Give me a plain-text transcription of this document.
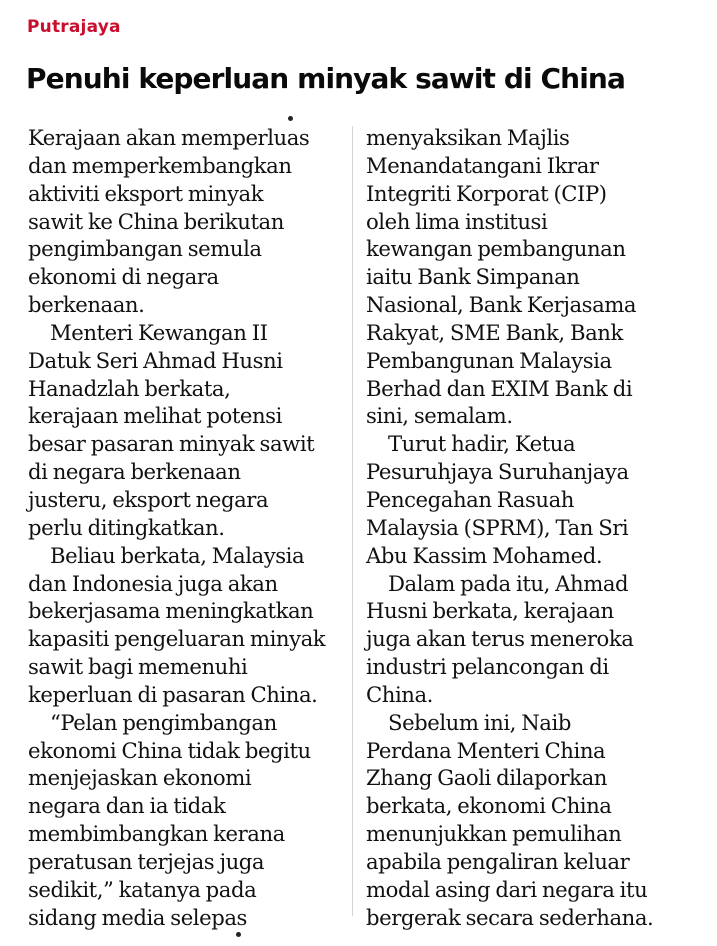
Putrajaya
Penuhi keperluan minyak sawit di China
Kerajaan akan memperluas
dan memperkembangkan
aktiviti eksport minyak
sawit ke China berikutan
pengimbangan semula
ekonomi di negara
berkenaan.
Menteri Kewangan II
Datuk Seri Ahmad Husni
Hanadzlah berkata,
kerajaan melihat potensi
besar pasaran minyak sawit
di negara berkenaan
justeru, eksport negara
perlu ditingkatkan.
Beliau berkata, Malaysia
dan Indonesia juga akan
bekerjasama meningkatkan
kapasiti pengeluaran minyak
sawit bagi memenuhi
keperluan di pasaran China.
“Pelan pengimbangan
ekonomi China tidak begitu
menjejaskan ekonomi
negara dan ia tidak
membimbangkan kerana
peratusan terjejas juga
sedikit,” katanya pada
sidang media selepas
menyaksikan Majlis
Menandatangani Ikrar
Integriti Korporat (CIP)
oleh lima institusi
kewangan pembangunan
iaitu Bank Simpanan
Nasional, Bank Kerjasama
Rakyat, SME Bank, Bank
Pembangunan Malaysia
Berhad dan EXIM Bank di
sini, semalam.
Turut hadir, Ketua
Pesuruhjaya Suruhanjaya
Pencegahan Rasuah
Malaysia (SPRM), Tan Sri
Abu Kassim Mohamed.
Dalam pada itu, Ahmad
Husni berkata, kerajaan
juga akan terus meneroka
industri pelancongan di
China.
Sebelum ini, Naib
Perdana Menteri China
Zhang Gaoli dilaporkan
berkata, ekonomi China
menunjukkan pemulihan
apabila pengaliran keluar
modal asing dari negara itu
bergerak secara sederhana.
